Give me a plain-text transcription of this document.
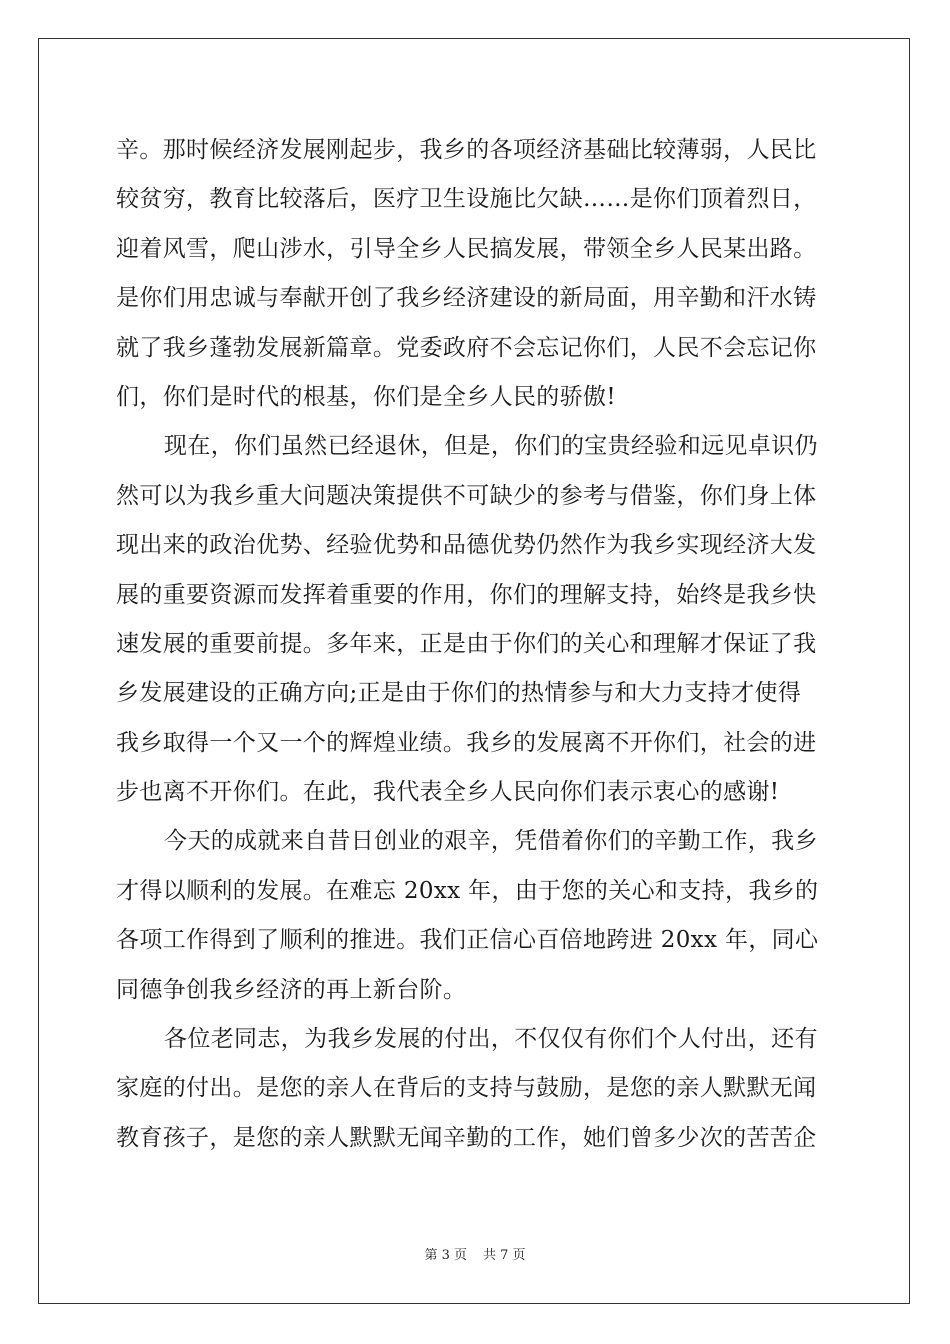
辛。那时候经济发展刚起步，我乡的各项经济基础比较薄弱，人民比
较贫穷，教育比较落后，医疗卫生设施比欠缺……是你们顶着烈日，
迎着风雪，爬山涉水，引导全乡人民搞发展，带领全乡人民某出路。
是你们用忠诚与奉献开创了我乡经济建设的新局面，用辛勤和汗水铸
就了我乡蓬勃发展新篇章。党委政府不会忘记你们，人民不会忘记你
们，你们是时代的根基，你们是全乡人民的骄傲!
现在，你们虽然已经退休，但是，你们的宝贵经验和远见卓识仍
然可以为我乡重大问题决策提供不可缺少的参考与借鉴，你们身上体
现出来的政治优势、经验优势和品德优势仍然作为我乡实现经济大发
展的重要资源而发挥着重要的作用，你们的理解支持，始终是我乡快
速发展的重要前提。多年来，正是由于你们的关心和理解才保证了我
乡发展建设的正确方向;正是由于你们的热情参与和大力支持才使得
我乡取得一个又一个的辉煌业绩。我乡的发展离不开你们，社会的进
步也离不开你们。在此，我代表全乡人民向你们表示衷心的感谢!
今天的成就来自昔日创业的艰辛，凭借着你们的辛勤工作，我乡
才得以顺利的发展。在难忘 20xx 年，由于您的关心和支持，我乡的
各项工作得到了顺利的推进。我们正信心百倍地跨进 20xx 年，同心
同德争创我乡经济的再上新台阶。
各位老同志，为我乡发展的付出，不仅仅有你们个人付出，还有
家庭的付出。是您的亲人在背后的支持与鼓励，是您的亲人默默无闻
教育孩子，是您的亲人默默无闻辛勤的工作，她们曾多少次的苦苦企
第 3 页 共 7 页
